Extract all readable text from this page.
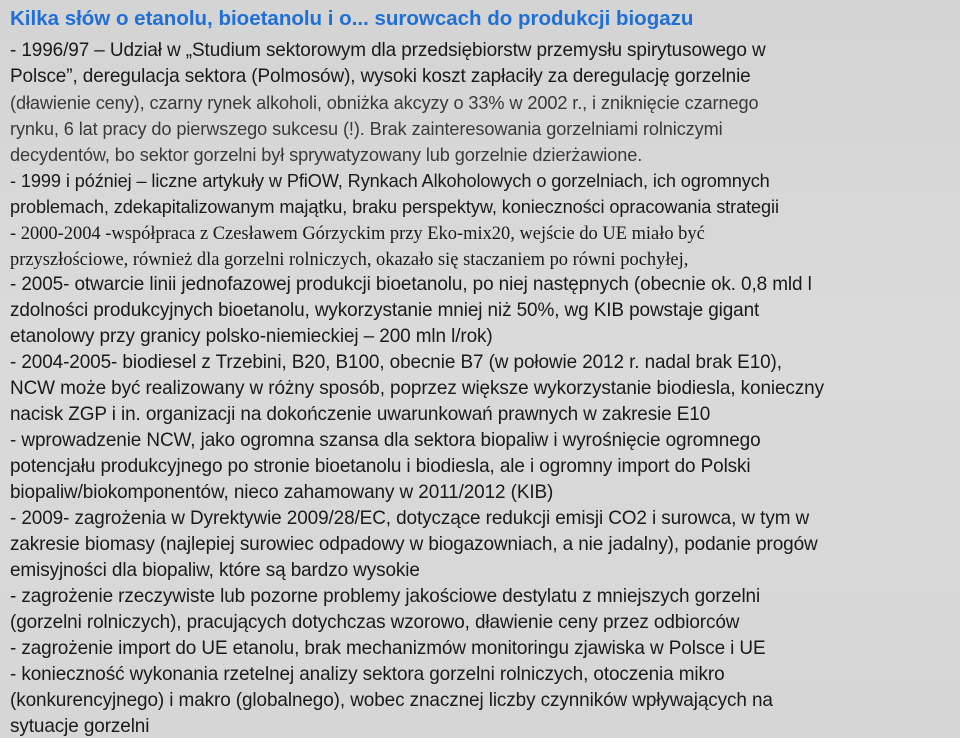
Kilka słów o etanolu, bioetanolu i o... surowcach do produkcji biogazu
- 1996/97 – Udział w „Studium sektorowym dla przedsiębiorstw przemysłu spirytusowego w
Polsce”, deregulacja sektora (Polmosów), wysoki koszt zapłaciły za deregulację gorzelnie
(dławienie ceny), czarny rynek alkoholi, obniżka akcyzy o 33% w 2002 r., i zniknięcie czarnego
rynku, 6 lat pracy do pierwszego sukcesu (!). Brak zainteresowania gorzelniami rolniczymi
decydentów, bo sektor gorzelni był sprywatyzowany lub gorzelnie dzierżawione.
- 1999 i później – liczne artykuły w PfiOW, Rynkach Alkoholowych o gorzelniach, ich ogromnych
problemach, zdekapitalizowanym majątku, braku perspektyw, konieczności opracowania strategii
- 2000-2004 -współpraca z Czesławem Górzyckim przy Eko-mix20, wejście do UE miało być
przyszłościowe, również dla gorzelni rolniczych, okazało się staczaniem po równi pochyłej,
- 2005- otwarcie linii jednofazowej produkcji bioetanolu, po niej następnych (obecnie ok. 0,8 mld l
zdolności produkcyjnych bioetanolu, wykorzystanie mniej niż 50%, wg KIB powstaje gigant
etanolowy przy granicy polsko-niemieckiej – 200 mln l/rok)
- 2004-2005- biodiesel z Trzebini, B20, B100, obecnie B7 (w połowie 2012 r. nadal brak E10),
NCW może być realizowany w różny sposób, poprzez większe wykorzystanie biodiesla, konieczny
nacisk ZGP i in. organizacji na dokończenie uwarunkowań prawnych w zakresie E10
- wprowadzenie NCW, jako ogromna szansa dla sektora biopaliw i wyrośnięcie ogromnego
potencjału produkcyjnego po stronie bioetanolu i biodiesla, ale i ogromny import do Polski
biopaliw/biokomponentów, nieco zahamowany w 2011/2012 (KIB)
- 2009- zagrożenia w Dyrektywie 2009/28/EC, dotyczące redukcji emisji CO2 i surowca, w tym w
zakresie biomasy (najlepiej surowiec odpadowy w biogazowniach, a nie jadalny), podanie progów
emisyjności dla biopaliw, które są bardzo wysokie
- zagrożenie rzeczywiste lub pozorne problemy jakościowe destylatu z mniejszych gorzelni
(gorzelni rolniczych), pracujących dotychczas wzorowo, dławienie ceny przez odbiorców
- zagrożenie import do UE etanolu, brak mechanizmów monitoringu zjawiska w Polsce i UE
- konieczność wykonania rzetelnej analizy sektora gorzelni rolniczych, otoczenia mikro
(konkurencyjnego) i makro (globalnego), wobec znacznej liczby czynników wpływających na
sytuacje gorzelni
